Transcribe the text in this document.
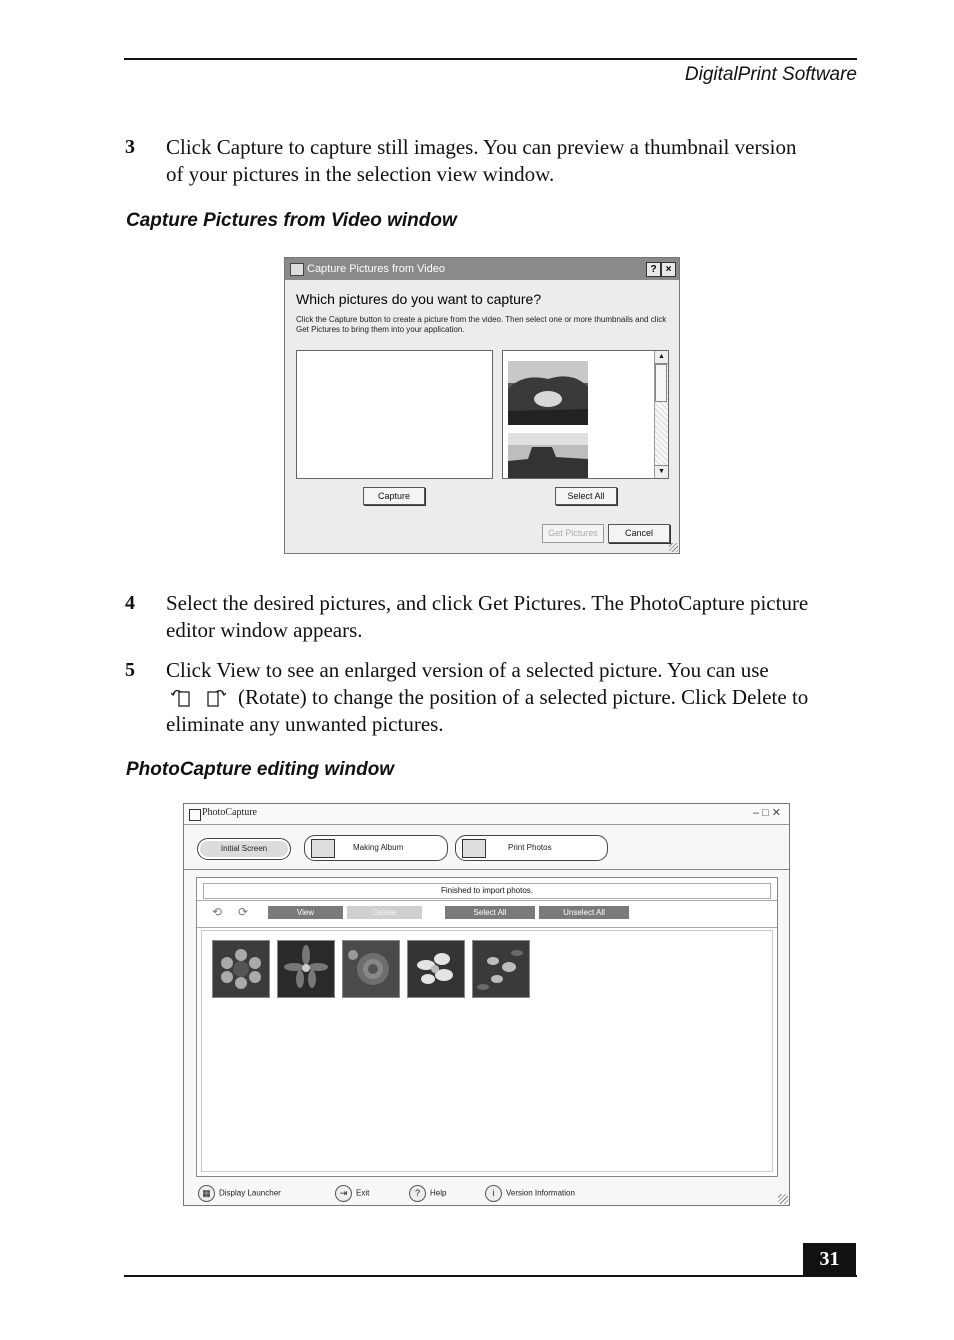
DigitalPrint Software
3 Click Capture to capture still images. You can preview a thumbnail version
of your pictures in the selection view window.
Capture Pictures from Video window
Capture Pictures from Video	? ×
Which pictures do you want to capture?
Click the Capture button to create a picture from the video. Then select one or more thumbnails and click Get Pictures to bring them into your application.
▲
▼
Capture	Select All
Get Pictures	Cancel
4 Select the desired pictures, and click Get Pictures. The PhotoCapture picture
editor window appears.
5 Click View to see an enlarged version of a selected picture. You can use
(Rotate) to change the position of a selected picture. Click Delete to
eliminate any unwanted pictures.
PhotoCapture editing window
PhotoCapture	–□✕
Initial Screen	Making Album	Print Photos
Finished to import photos.
⟲	⟳	View	Delete	Select All	Unselect All
▦ Display Launcher	⇥ Exit	? Help	i Version Information
31
